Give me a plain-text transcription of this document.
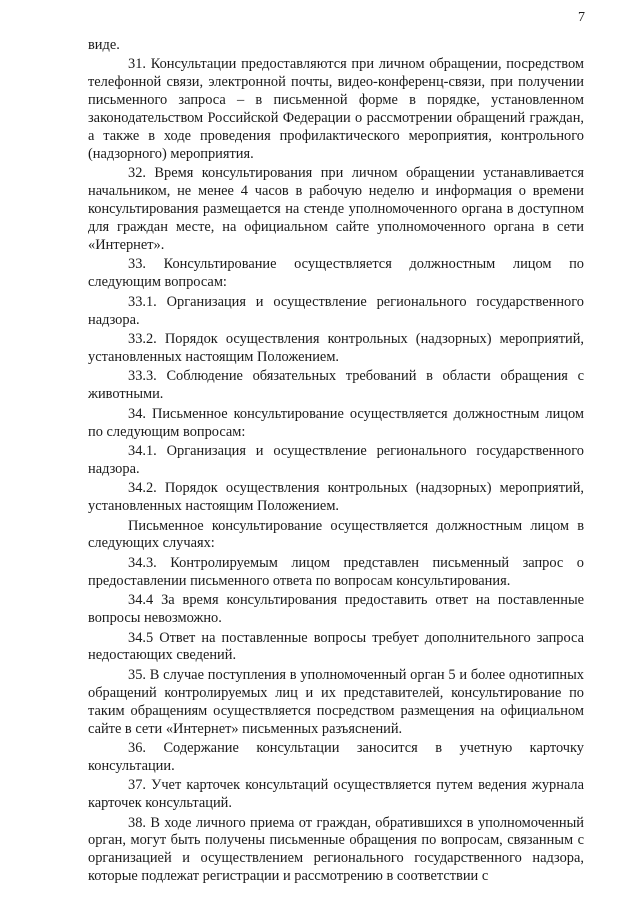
7

виде.

31. Консультации предоставляются при личном обращении, посредством телефонной связи, электронной почты, видео-конференц-связи, при получении письменного запроса – в письменной форме в порядке, установленном законодательством Российской Федерации о рассмотрении обращений граждан, а также в ходе проведения профилактического мероприятия, контрольного (надзорного) мероприятия.

32. Время консультирования при личном обращении устанавливается начальником, не менее 4 часов в рабочую неделю и информация о времени консультирования размещается на стенде уполномоченного органа в доступном для граждан месте, на официальном сайте уполномоченного органа в сети «Интернет».

33. Консультирование осуществляется должностным лицом по следующим вопросам:

33.1. Организация и осуществление регионального государственного надзора.

33.2. Порядок осуществления контрольных (надзорных) мероприятий, установленных настоящим Положением.

33.3. Соблюдение обязательных требований в области обращения с животными.

34. Письменное консультирование осуществляется должностным лицом по следующим вопросам:

34.1. Организация и осуществление регионального государственного надзора.

34.2. Порядок осуществления контрольных (надзорных) мероприятий, установленных настоящим Положением.

Письменное консультирование осуществляется должностным лицом в следующих случаях:

34.3. Контролируемым лицом представлен письменный запрос о предоставлении письменного ответа по вопросам консультирования.

34.4 За время консультирования предоставить ответ на поставленные вопросы невозможно.

34.5 Ответ на поставленные вопросы требует дополнительного запроса недостающих сведений.

35. В случае поступления в уполномоченный орган 5 и более однотипных обращений контролируемых лиц и их представителей, консультирование по таким обращениям осуществляется посредством размещения на официальном сайте в сети «Интернет» письменных разъяснений.

36. Содержание консультации заносится в учетную карточку консультации.

37. Учет карточек консультаций осуществляется путем ведения журнала карточек консультаций.

38. В ходе личного приема от граждан, обратившихся в уполномоченный орган, могут быть получены письменные обращения по вопросам, связанным с организацией и осуществлением регионального государственного надзора, которые подлежат регистрации и рассмотрению в соответствии с
